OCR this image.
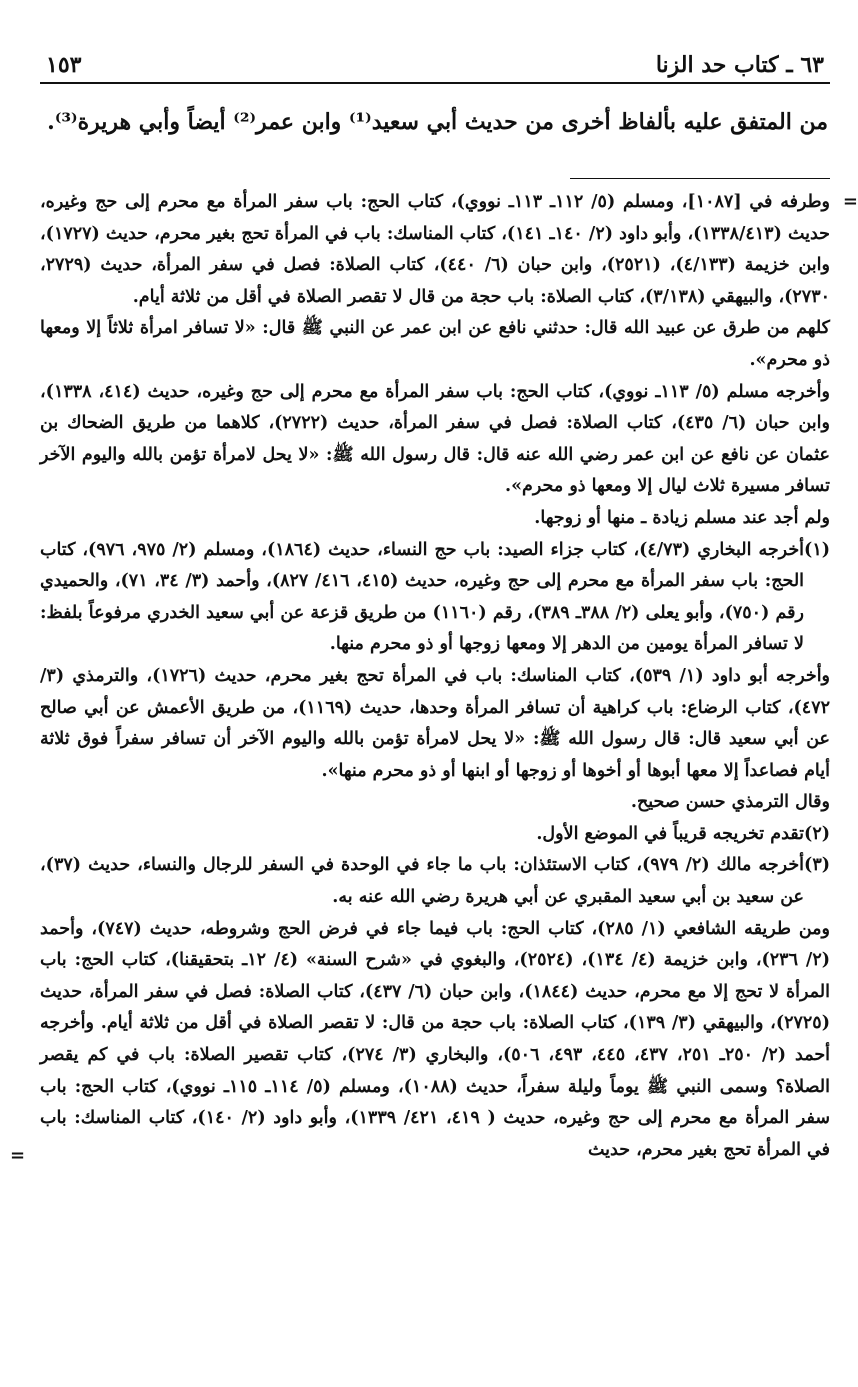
٦٣ ـ كتاب حد الزنا
١٥٣
من المتفق عليه بألفاظ أخرى من حديث أبي سعيد⁽¹⁾ وابن عمر⁽²⁾ أيضاً وأبي هريرة⁽³⁾.
=

وطرفه في [١٠٨٧]، ومسلم (٥/ ١١٢ـ ١١٣ـ نووي)، كتاب الحج: باب سفر المرأة مع محرم إلى حج وغيره، حديث (١٣٣٨/٤١٣)، وأبو داود (٢/ ١٤٠ـ ١٤١)، كتاب المناسك: باب في المرأة تحج بغير محرم، حديث (١٧٢٧)، وابن خزيمة (٤/١٣٣)، (٢٥٢١)، وابن حبان (٦/ ٤٤٠)، كتاب الصلاة: فصل في سفر المرأة، حديث (٢٧٢٩، ٢٧٣٠)، والبيهقي (٣/١٣٨)، كتاب الصلاة: باب حجة من قال لا تقصر الصلاة في أقل من ثلاثة أيام.

كلهم من طرق عن عبيد الله قال: حدثني نافع عن ابن عمر عن النبي ﷺ قال: «لا تسافر امرأة ثلاثاً إلا ومعها ذو محرم».

وأخرجه مسلم (٥/ ١١٣ـ نووي)، كتاب الحج: باب سفر المرأة مع محرم إلى حج وغيره، حديث (٤١٤، ١٣٣٨)، وابن حبان (٦/ ٤٣٥)، كتاب الصلاة: فصل في سفر المرأة، حديث (٢٧٢٢)، كلاهما من طريق الضحاك بن عثمان عن نافع عن ابن عمر رضي الله عنه قال: قال رسول الله ﷺ: «لا يحل لامرأة تؤمن بالله واليوم الآخر تسافر مسيرة ثلاث ليال إلا ومعها ذو محرم».

ولم أجد عند مسلم زيادة ـ منها أو زوجها.

(١)

أخرجه البخاري (٤/٧٣)، كتاب جزاء الصيد: باب حج النساء، حديث (١٨٦٤)، ومسلم (٢/ ٩٧٥، ٩٧٦)، كتاب الحج: باب سفر المرأة مع محرم إلى حج وغيره، حديث (٤١٥، ٤١٦/ ٨٢٧)، وأحمد (٣/ ٣٤، ٧١)، والحميدي رقم (٧٥٠)، وأبو يعلى (٢/ ٣٨٨ـ ٣٨٩)، رقم (١١٦٠) من طريق قزعة عن أبي سعيد الخدري مرفوعاً بلفظ: لا تسافر المرأة يومين من الدهر إلا ومعها زوجها أو ذو محرم منها.

وأخرجه أبو داود (١/ ٥٣٩)، كتاب المناسك: باب في المرأة تحج بغير محرم، حديث (١٧٢٦)، والترمذي (٣/ ٤٧٢)، كتاب الرضاع: باب كراهية أن تسافر المرأة وحدها، حديث (١١٦٩)، من طريق الأعمش عن أبي صالح عن أبي سعيد قال: قال رسول الله ﷺ: «لا يحل لامرأة تؤمن بالله واليوم الآخر أن تسافر سفراً فوق ثلاثة أيام فصاعداً إلا معها أبوها أو أخوها أو زوجها أو ابنها أو ذو محرم منها».

وقال الترمذي حسن صحيح.

(٢)

تقدم تخريجه قريباً في الموضع الأول.

(٣)

أخرجه مالك (٢/ ٩٧٩)، كتاب الاستئذان: باب ما جاء في الوحدة في السفر للرجال والنساء، حديث (٣٧)، عن سعيد بن أبي سعيد المقبري عن أبي هريرة رضي الله عنه به.

ومن طريقه الشافعي (١/ ٢٨٥)، كتاب الحج: باب فيما جاء في فرض الحج وشروطه، حديث (٧٤٧)، وأحمد (٢/ ٢٣٦)، وابن خزيمة (٤/ ١٣٤)، (٢٥٢٤)، والبغوي في «شرح السنة» (٤/ ١٢ـ بتحقيقنا)، كتاب الحج: باب المرأة لا تحج إلا مع محرم، حديث (١٨٤٤)، وابن حبان (٦/ ٤٣٧)، كتاب الصلاة: فصل في سفر المرأة، حديث (٢٧٢٥)، والبيهقي (٣/ ١٣٩)، كتاب الصلاة: باب حجة من قال: لا تقصر الصلاة في أقل من ثلاثة أيام. وأخرجه أحمد (٢/ ٢٥٠ـ ٢٥١، ٤٣٧، ٤٤٥، ٤٩٣، ٥٠٦)، والبخاري (٣/ ٢٧٤)، كتاب تقصير الصلاة: باب في كم يقصر الصلاة؟ وسمى النبي ﷺ يوماً وليلة سفراً، حديث (١٠٨٨)، ومسلم (٥/ ١١٤ـ ١١٥ـ نووي)، كتاب الحج: باب سفر المرأة مع محرم إلى حج وغيره، حديث ( ٤١٩، ٤٢١/ ١٣٣٩)، وأبو داود (٢/ ١٤٠)، كتاب المناسك: باب في المرأة تحج بغير محرم، حديث

=
